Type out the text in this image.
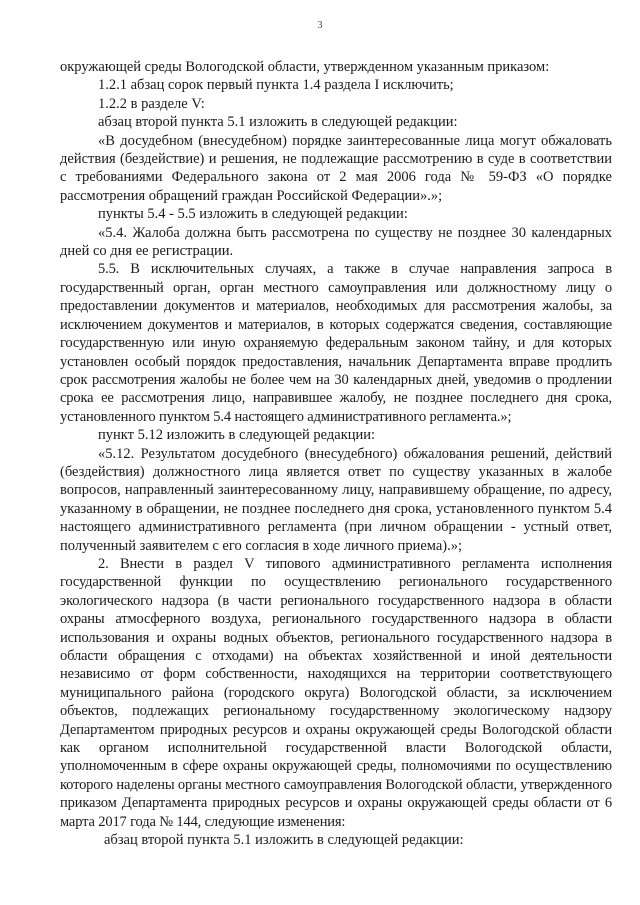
3

окружающей среды Вологодской области, утвержденном указанным приказом:

1.2.1 абзац сорок первый пункта 1.4 раздела I исключить;

1.2.2 в разделе V:

абзац второй пункта 5.1 изложить в следующей редакции:

«В досудебном (внесудебном) порядке заинтересованные лица могут обжаловать действия (бездействие) и решения, не подлежащие рассмотрению в суде в соответствии с требованиями Федерального закона от 2 мая 2006 года № 59-ФЗ «О порядке рассмотрения обращений граждан Российской Федерации».»;

пункты 5.4 - 5.5 изложить в следующей редакции:

«5.4. Жалоба должна быть рассмотрена по существу не позднее 30 календарных дней со дня ее регистрации.

5.5. В исключительных случаях, а также в случае направления запроса в государственный орган, орган местного самоуправления или должностному лицу о предоставлении документов и материалов, необходимых для рассмотрения жалобы, за исключением документов и материалов, в которых содержатся сведения, составляющие государственную или иную охраняемую федеральным законом тайну, и для которых установлен особый порядок предоставления, начальник Департамента вправе продлить срок рассмотрения жалобы не более чем на 30 календарных дней, уведомив о продлении срока ее рассмотрения лицо, направившее жалобу, не позднее последнего дня срока, установленного пунктом 5.4 настоящего административного регламента.»;

пункт 5.12 изложить в следующей редакции:

«5.12. Результатом досудебного (внесудебного) обжалования решений, действий (бездействия) должностного лица является ответ по существу указанных в жалобе вопросов, направленный заинтересованному лицу, направившему обращение, по адресу, указанному в обращении, не позднее последнего дня срока, установленного пунктом 5.4 настоящего административного регламента (при личном обращении - устный ответ, полученный заявителем с его согласия в ходе личного приема).»;

2. Внести в раздел V типового административного регламента исполнения государственной функции по осуществлению регионального государственного экологического надзора (в части регионального государственного надзора в области охраны атмосферного воздуха, регионального государственного надзора в области использования и охраны водных объектов, регионального государственного надзора в области обращения с отходами) на объектах хозяйственной и иной деятельности независимо от форм собственности, находящихся на территории соответствующего муниципального района (городского округа) Вологодской области, за исключением объектов, подлежащих региональному государственному экологическому надзору Департаментом природных ресурсов и охраны окружающей среды Вологодской области как органом исполнительной государственной власти Вологодской области, уполномоченным в сфере охраны окружающей среды, полномочиями по осуществлению которого наделены органы местного самоуправления Вологодской области, утвержденного приказом Департамента природных ресурсов и охраны окружающей среды области от 6 марта 2017 года № 144, следующие изменения:

абзац второй пункта 5.1 изложить в следующей редакции:
